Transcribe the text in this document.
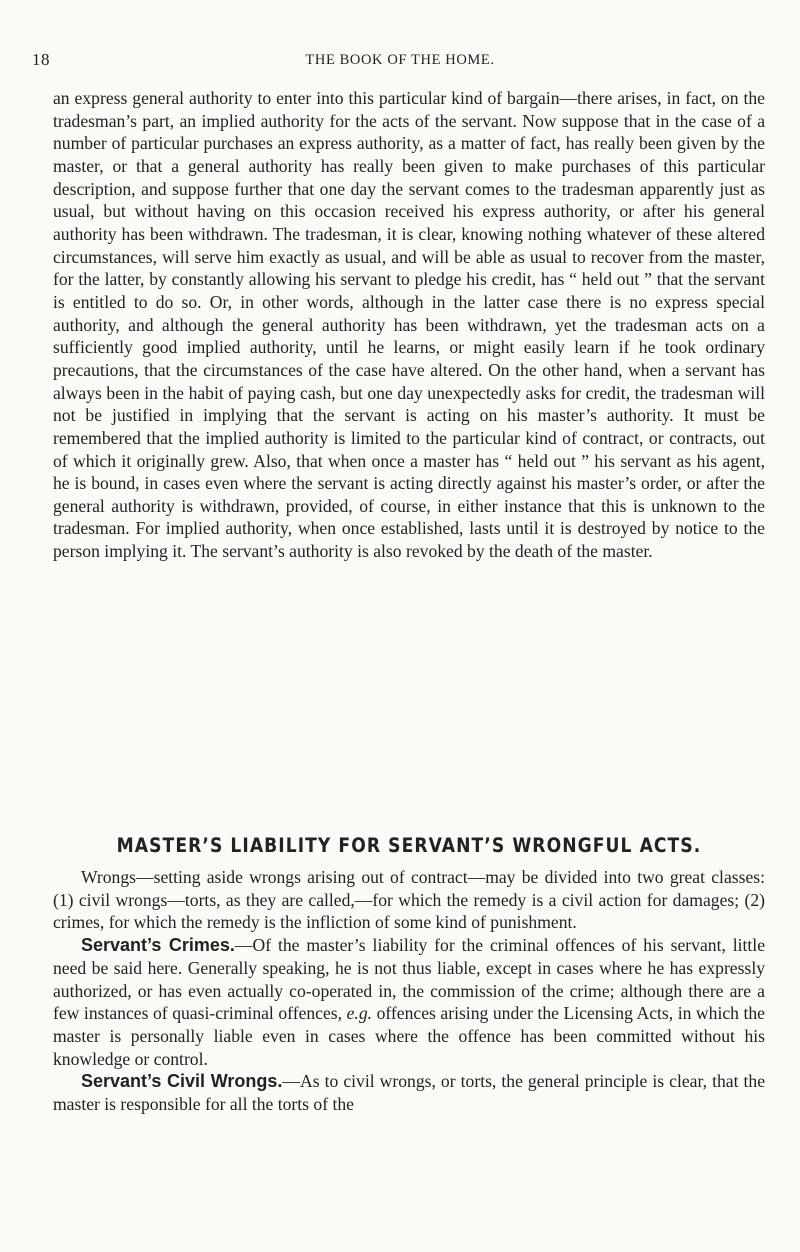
18	THE BOOK OF THE HOME.

an express general authority to enter into this particular kind of bargain—there arises, in fact, on the tradesman’s part, an implied authority for the acts of the servant. Now suppose that in the case of a number of particular purchases an express authority, as a matter of fact, has really been given by the master, or that a general authority has really been given to make purchases of this particular description, and suppose further that one day the servant comes to the tradesman apparently just as usual, but without having on this occasion received his express authority, or after his general authority has been withdrawn. The tradesman, it is clear, knowing nothing whatever of these altered circumstances, will serve him exactly as usual, and will be able as usual to recover from the master, for the latter, by constantly allowing his servant to pledge his credit, has “ held out ” that the servant is entitled to do so. Or, in other words, although in the latter case there is no express special authority, and although the general authority has been withdrawn, yet the tradesman acts on a sufficiently good implied authority, until he learns, or might easily learn if he took ordinary precautions, that the circumstances of the case have altered. On the other hand, when a servant has always been in the habit of paying cash, but one day unexpectedly asks for credit, the tradesman will not be justified in implying that the servant is acting on his master’s authority. It must be remembered that the implied authority is limited to the particular kind of contract, or contracts, out of which it originally grew. Also, that when once a master has “ held out ” his servant as his agent, he is bound, in cases even where the servant is acting directly against his master’s order, or after the general authority is withdrawn, provided, of course, in either instance that this is unknown to the tradesman. For implied authority, when once established, lasts until it is destroyed by notice to the person implying it. The servant’s authority is also revoked by the death of the master.

MASTER’S LIABILITY FOR SERVANT’S WRONGFUL ACTS.

Wrongs—setting aside wrongs arising out of contract—may be divided into two great classes: (1) civil wrongs—torts, as they are called,—for which the remedy is a civil action for damages; (2) crimes, for which the remedy is the infliction of some kind of punishment.

Servant’s Crimes.—Of the master’s liability for the criminal offences of his servant, little need be said here. Generally speaking, he is not thus liable, except in cases where he has expressly authorized, or has even actually co-operated in, the commission of the crime; although there are a few instances of quasi-criminal offences, e.g. offences arising under the Licensing Acts, in which the master is personally liable even in cases where the offence has been committed without his knowledge or control.

Servant’s Civil Wrongs.—As to civil wrongs, or torts, the general principle is clear, that the master is responsible for all the torts of the
